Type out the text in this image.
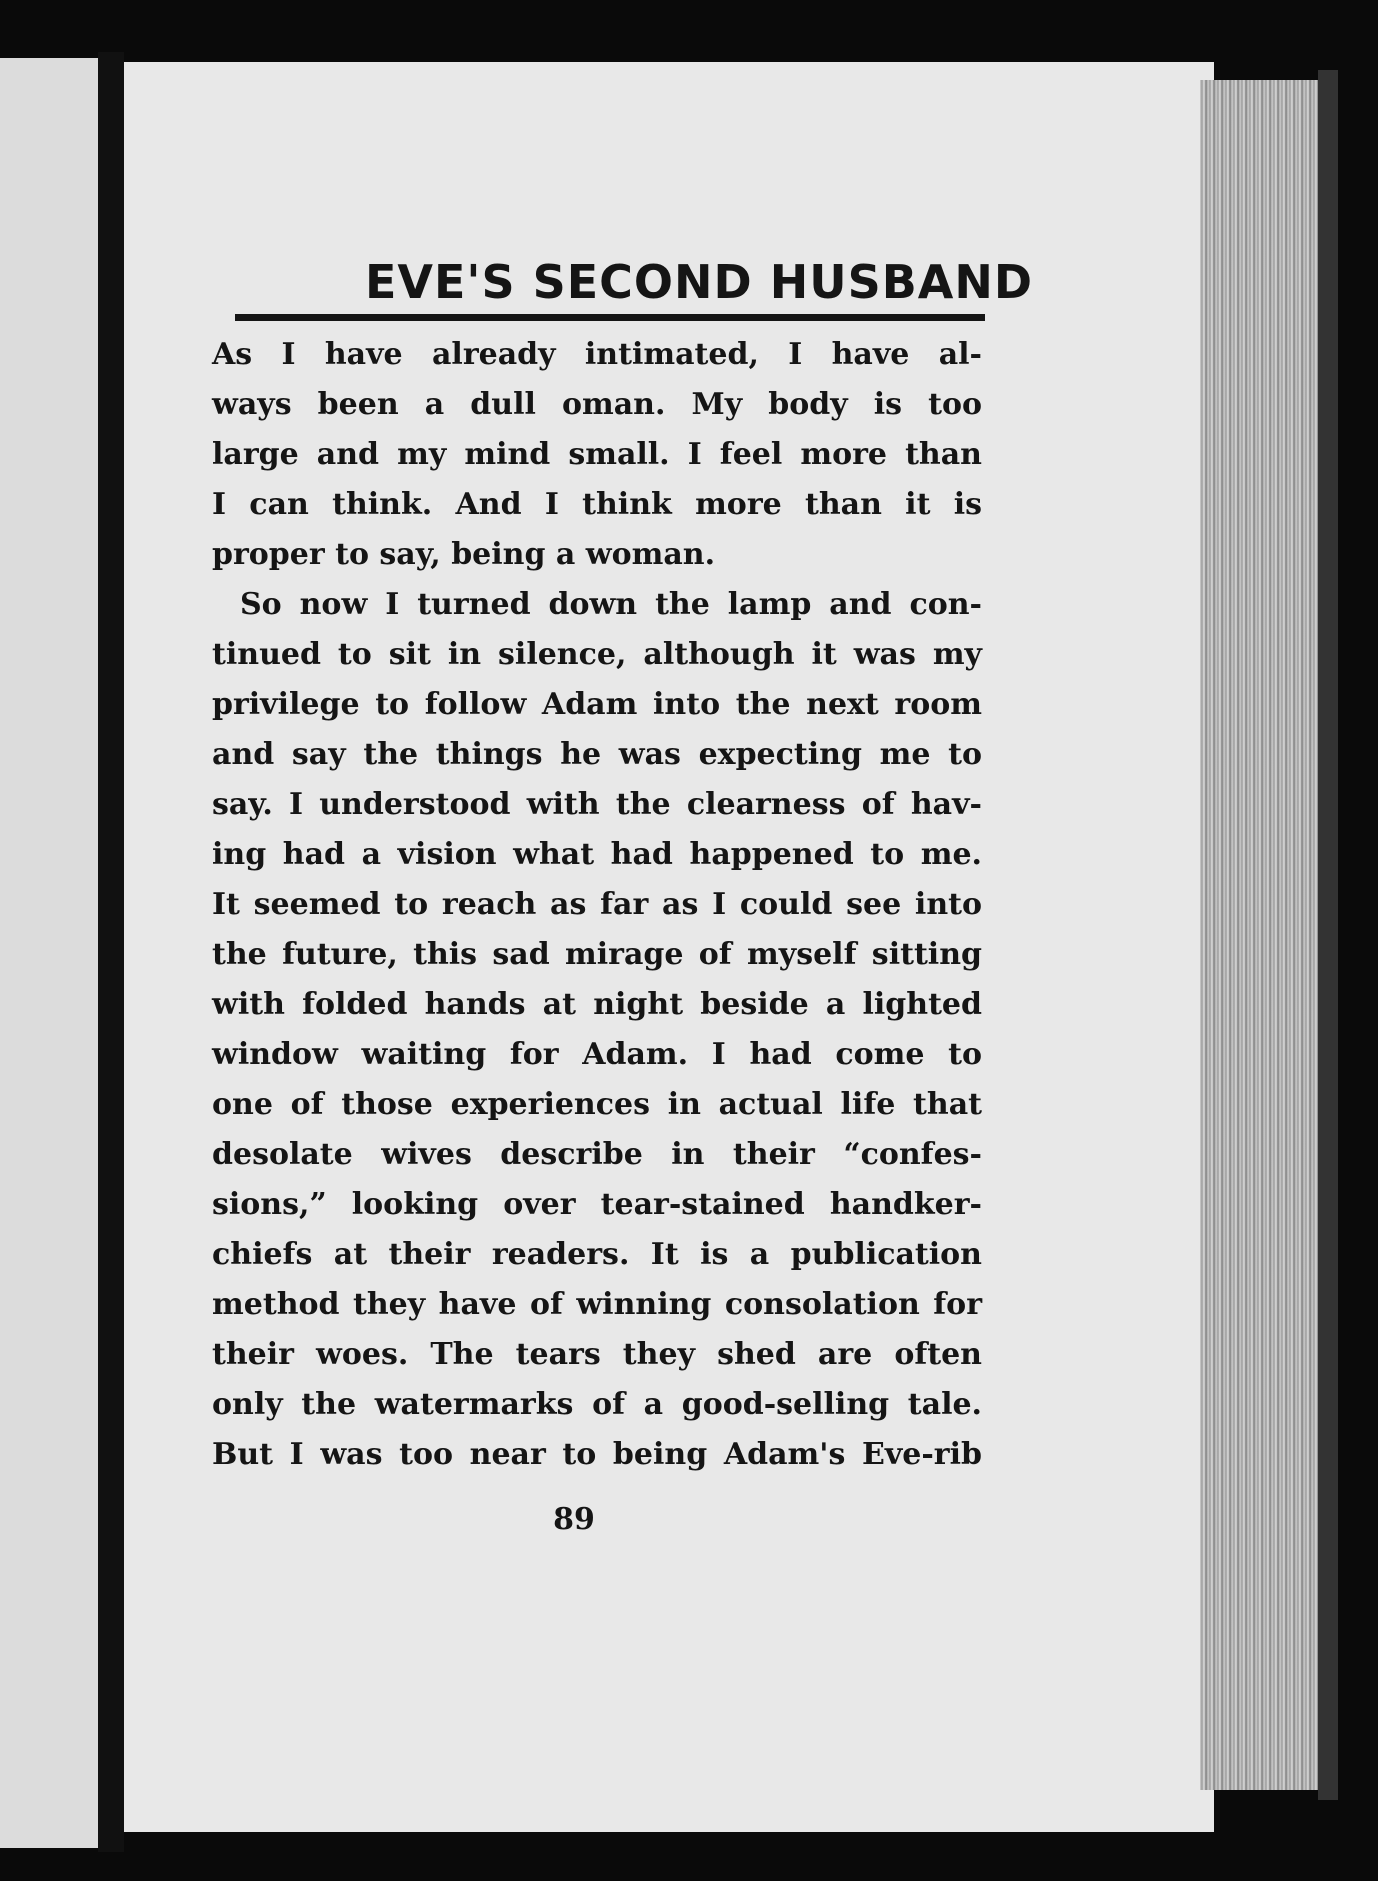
EVE'S SECOND HUSBAND
As I have already intimated, I have al-
ways been a dull oman. My body is too
large and my mind small. I feel more than
I can think. And I think more than it is
proper to say, being a woman.
So now I turned down the lamp and con-
tinued to sit in silence, although it was my
privilege to follow Adam into the next room
and say the things he was expecting me to
say. I understood with the clearness of hav-
ing had a vision what had happened to me.
It seemed to reach as far as I could see into
the future, this sad mirage of myself sitting
with folded hands at night beside a lighted
window waiting for Adam. I had come to
one of those experiences in actual life that
desolate wives describe in their “confes-
sions,” looking over tear-stained handker-
chiefs at their readers. It is a publication
method they have of winning consolation for
their woes. The tears they shed are often
only the watermarks of a good-selling tale.
But I was too near to being Adam's Eve-rib
89
